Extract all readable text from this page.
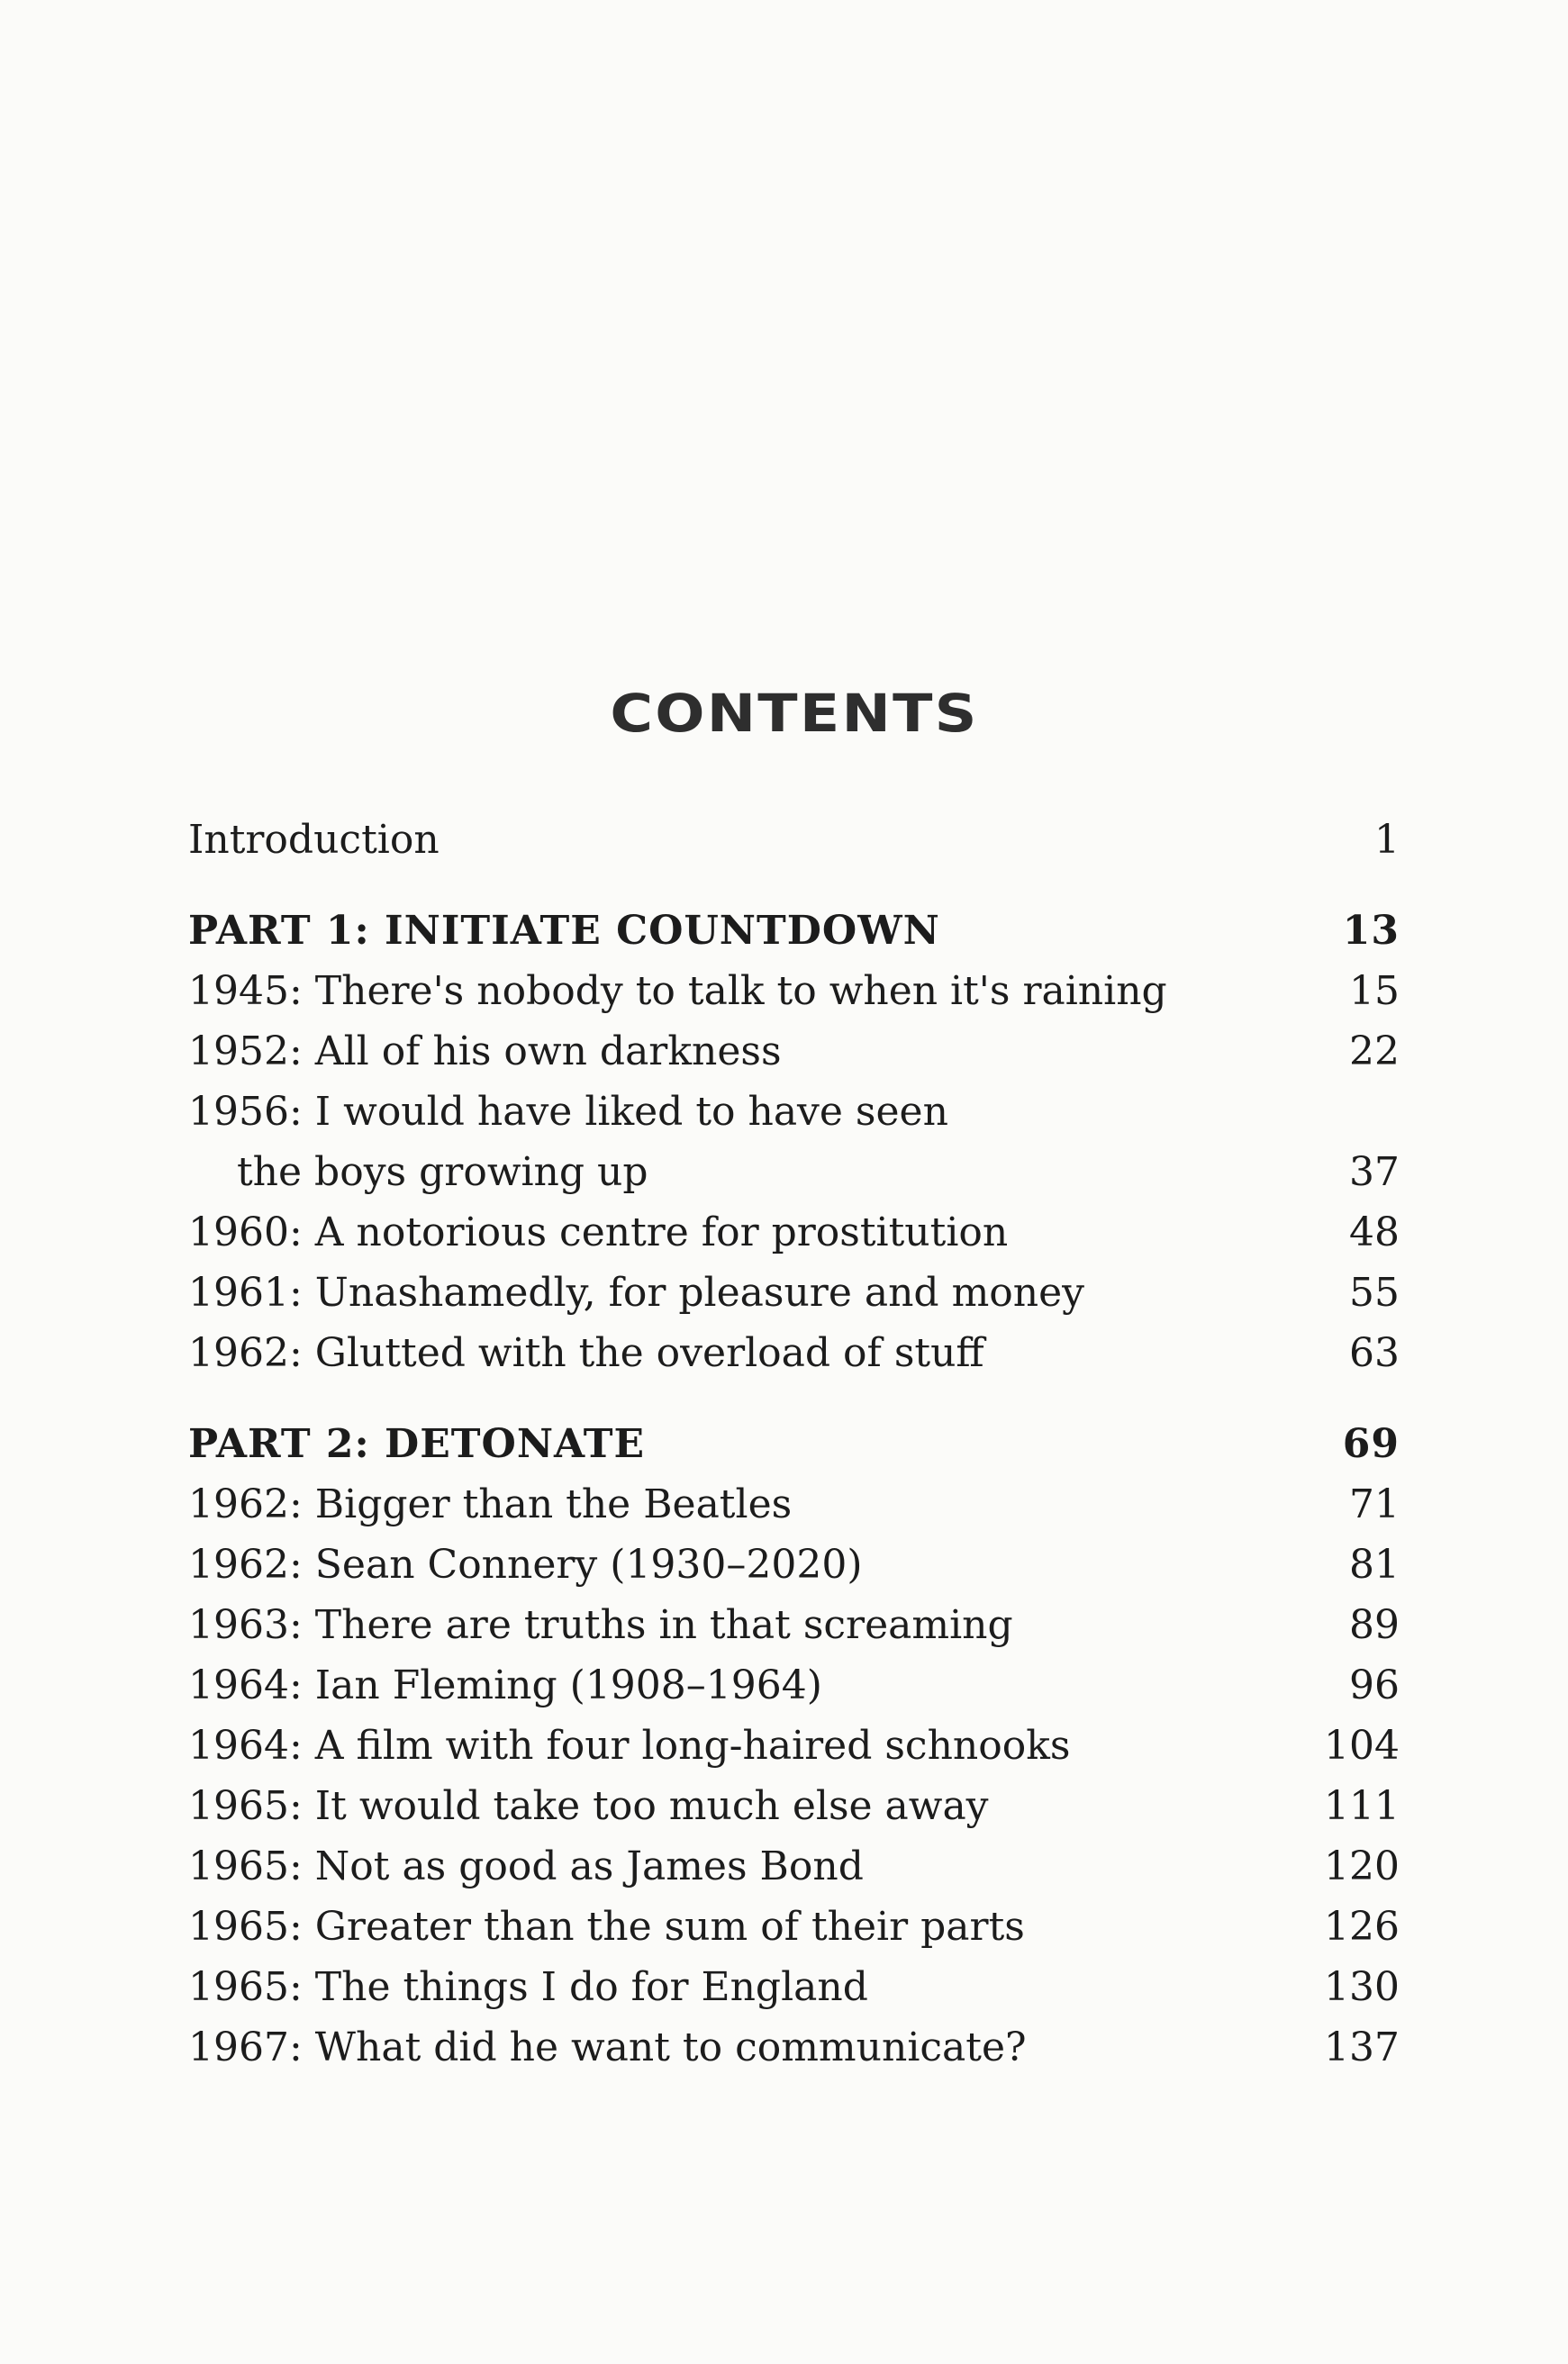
CONTENTS
Introduction	1
PART 1: INITIATE COUNTDOWN	13
1945: There's nobody to talk to when it's raining	15
1952: All of his own darkness	22
1956: I would have liked to have seen
the boys growing up	37
1960: A notorious centre for prostitution	48
1961: Unashamedly, for pleasure and money	55
1962: Glutted with the overload of stuff	63
PART 2: DETONATE	69
1962: Bigger than the Beatles	71
1962: Sean Connery (1930–2020)	81
1963: There are truths in that screaming	89
1964: Ian Fleming (1908–1964)	96
1964: A film with four long-haired schnooks	104
1965: It would take too much else away	111
1965: Not as good as James Bond	120
1965: Greater than the sum of their parts	126
1965: The things I do for England	130
1967: What did he want to communicate?	137
